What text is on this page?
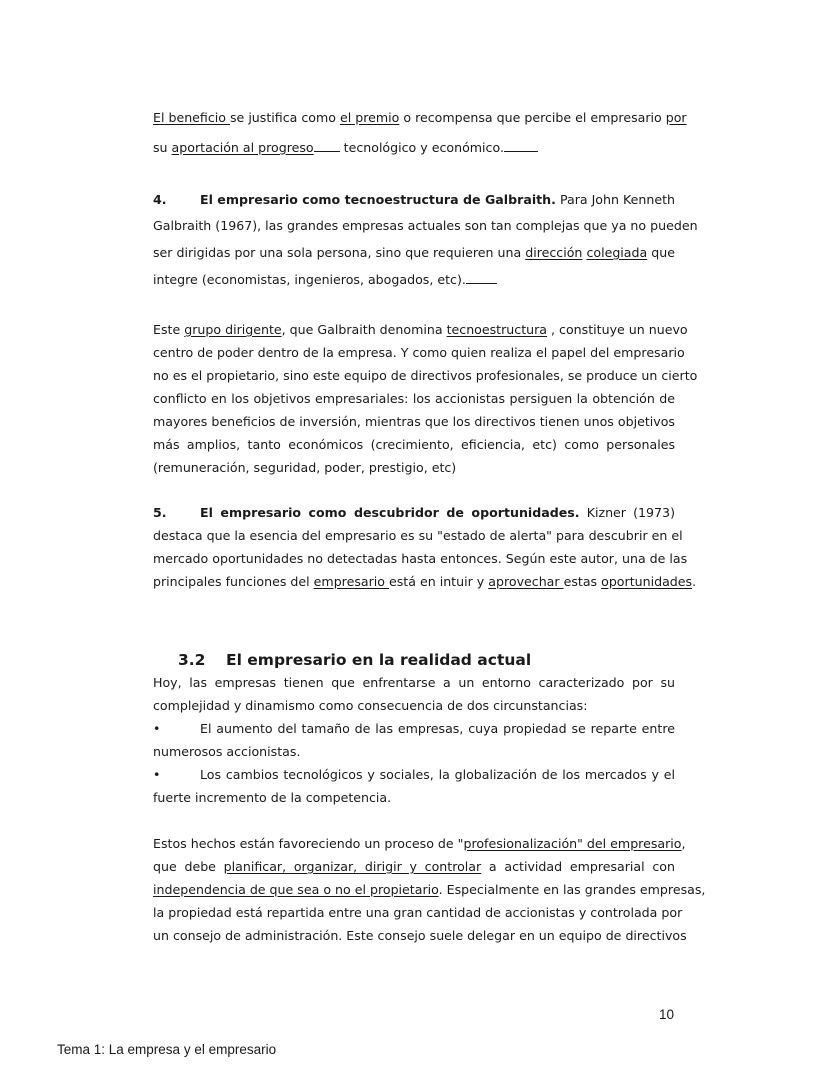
El beneficio se justifica como el premio o recompensa que percibe el empresario por
su aportación al progreso tecnológico y económico.
4.	El empresario como tecnoestructura de Galbraith. Para John Kenneth
Galbraith (1967), las grandes empresas actuales son tan complejas que ya no pueden
ser dirigidas por una sola persona, sino que requieren una dirección colegiada que
integre (economistas, ingenieros, abogados, etc).
Este grupo dirigente, que Galbraith denomina tecnoestructura , constituye un nuevo
centro de poder dentro de la empresa. Y como quien realiza el papel del empresario
no es el propietario, sino este equipo de directivos profesionales, se produce un cierto
conflicto en los objetivos empresariales: los accionistas persiguen la obtención de
mayores beneficios de inversión, mientras que los directivos tienen unos objetivos
más amplios, tanto económicos (crecimiento, eficiencia, etc) como personales
(remuneración, seguridad, poder, prestigio, etc)
5.	El empresario como descubridor de oportunidades. Kizner (1973)
destaca que la esencia del empresario es su "estado de alerta" para descubrir en el
mercado oportunidades no detectadas hasta entonces. Según este autor, una de las
principales funciones del empresario está en intuir y aprovechar estas oportunidades.
3.2 El empresario en la realidad actual
Hoy, las empresas tienen que enfrentarse a un entorno caracterizado por su
complejidad y dinamismo como consecuencia de dos circunstancias:
•	El aumento del tamaño de las empresas, cuya propiedad se reparte entre
numerosos accionistas.
•	Los cambios tecnológicos y sociales, la globalización de los mercados y el
fuerte incremento de la competencia.
Estos hechos están favoreciendo un proceso de "profesionalización" del empresario,
que debe planificar, organizar, dirigir y controlar a actividad empresarial con
independencia de que sea o no el propietario. Especialmente en las grandes empresas,
la propiedad está repartida entre una gran cantidad de accionistas y controlada por
un consejo de administración. Este consejo suele delegar en un equipo de directivos
10
Tema 1: La empresa y el empresario
